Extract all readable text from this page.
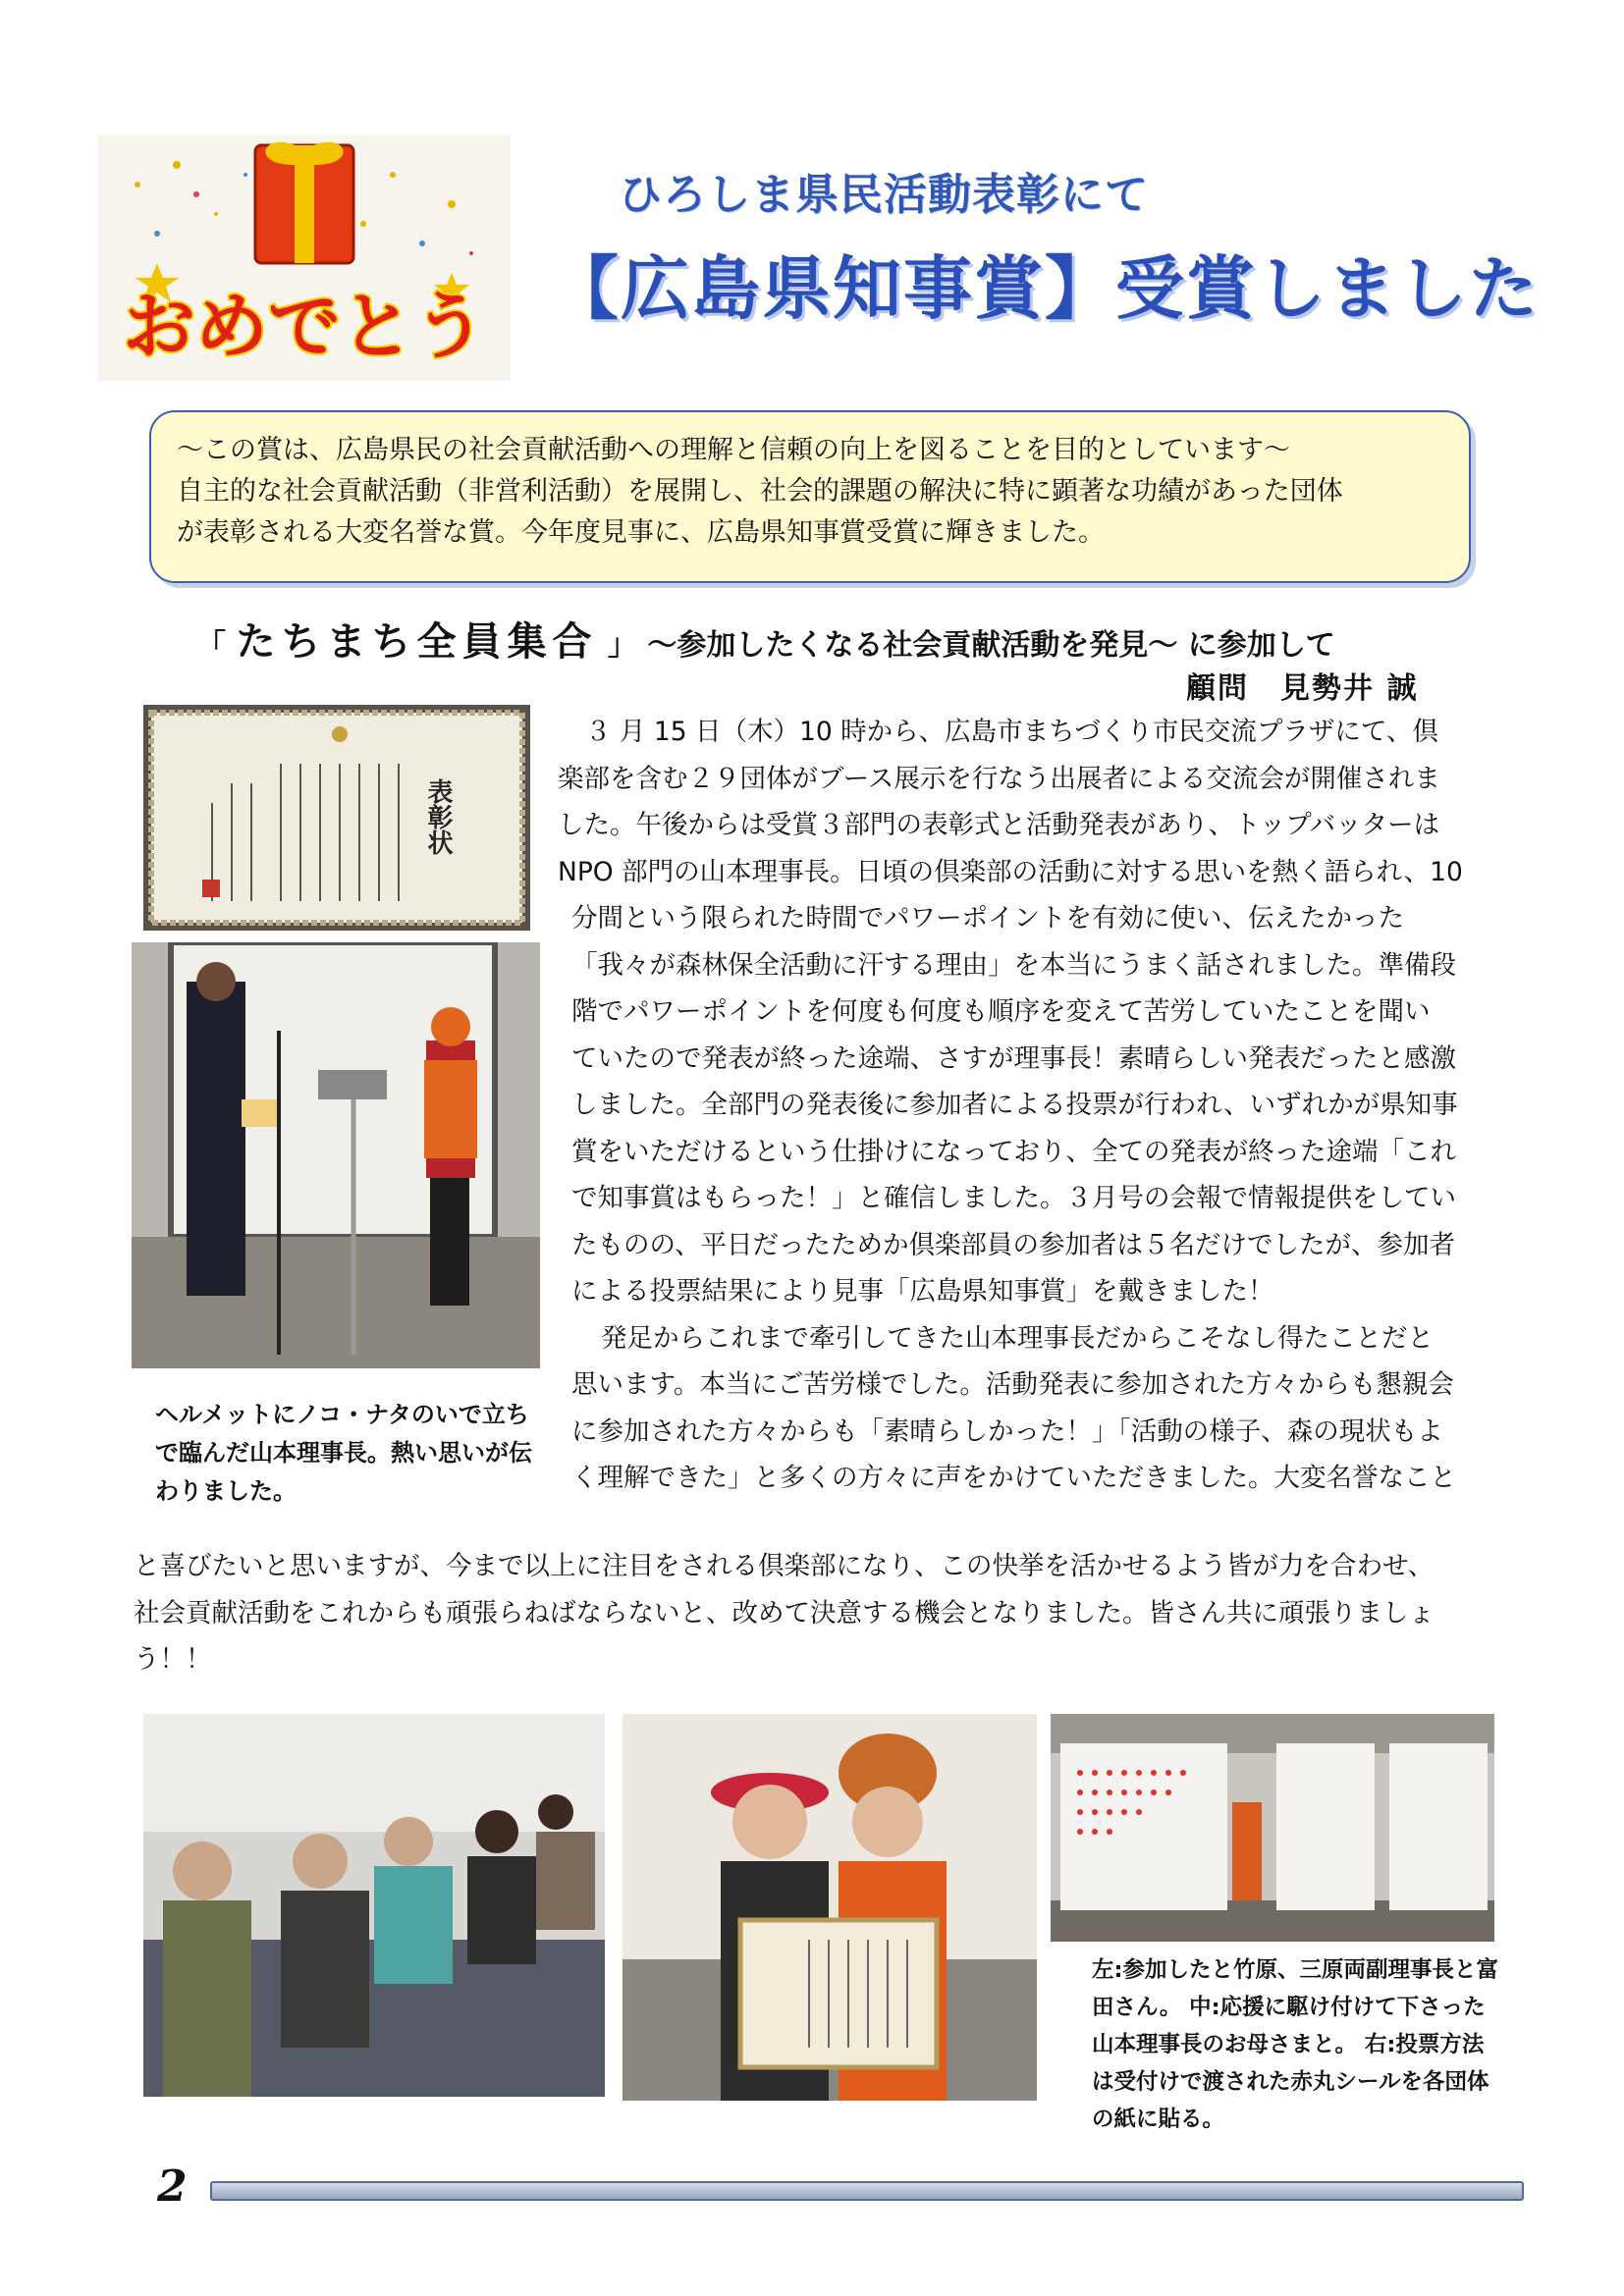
おめでとう
ひろしま県民活動表彰にて
【広島県知事賞】受賞しました

～この賞は、広島県民の社会貢献活動への理解と信頼の向上を図ることを目的としています～

自主的な社会貢献活動（非営利活動）を展開し、社会的課題の解決に特に顕著な功績があった団体

が表彰される大変名誉な賞。今年度見事に、広島県知事賞受賞に輝きました。

「 たちまち全員集合 」 ～参加したくなる社会貢献活動を発見～ に参加して
顧問　見勢井 誠
表彰状
ヘルメットにノコ・ナタのいで立ちで臨んだ山本理事長。熱い思いが伝わりました。

３ 月 15 日（木）10 時から、広島市まちづくり市民交流プラザにて、倶

楽部を含む２９団体がブース展示を行なう出展者による交流会が開催されま

した。午後からは受賞３部門の表彰式と活動発表があり、トップバッターは

NPO 部門の山本理事長。日頃の倶楽部の活動に対する思いを熱く語られ、10

分間という限られた時間でパワーポイントを有効に使い、伝えたかった

「我々が森林保全活動に汗する理由」を本当にうまく話されました。準備段

階でパワーポイントを何度も何度も順序を変えて苦労していたことを聞い

ていたので発表が終った途端、さすが理事長！素晴らしい発表だったと感激

しました。全部門の発表後に参加者による投票が行われ、いずれかが県知事

賞をいただけるという仕掛けになっており、全ての発表が終った途端「これ

で知事賞はもらった！」と確信しました。３月号の会報で情報提供をしてい

たものの、平日だったためか倶楽部員の参加者は５名だけでしたが、参加者

による投票結果により見事「広島県知事賞」を戴きました！

発足からこれまで牽引してきた山本理事長だからこそなし得たことだと

思います。本当にご苦労様でした。活動発表に参加された方々からも懇親会

に参加された方々からも「素晴らしかった！」「活動の様子、森の現状もよ

く理解できた」と多くの方々に声をかけていただきました。大変名誉なこと

と喜びたいと思いますが、今まで以上に注目をされる倶楽部になり、この快挙を活かせるよう皆が力を合わせ、

社会貢献活動をこれからも頑張らねばならないと、改めて決意する機会となりました。皆さん共に頑張りましょ

う！！

左:参加したと竹原、三原両副理事長と富田さん。 中:応援に駆け付けて下さった山本理事長のお母さまと。 右:投票方法は受付けで渡された赤丸シールを各団体の紙に貼る。
2
